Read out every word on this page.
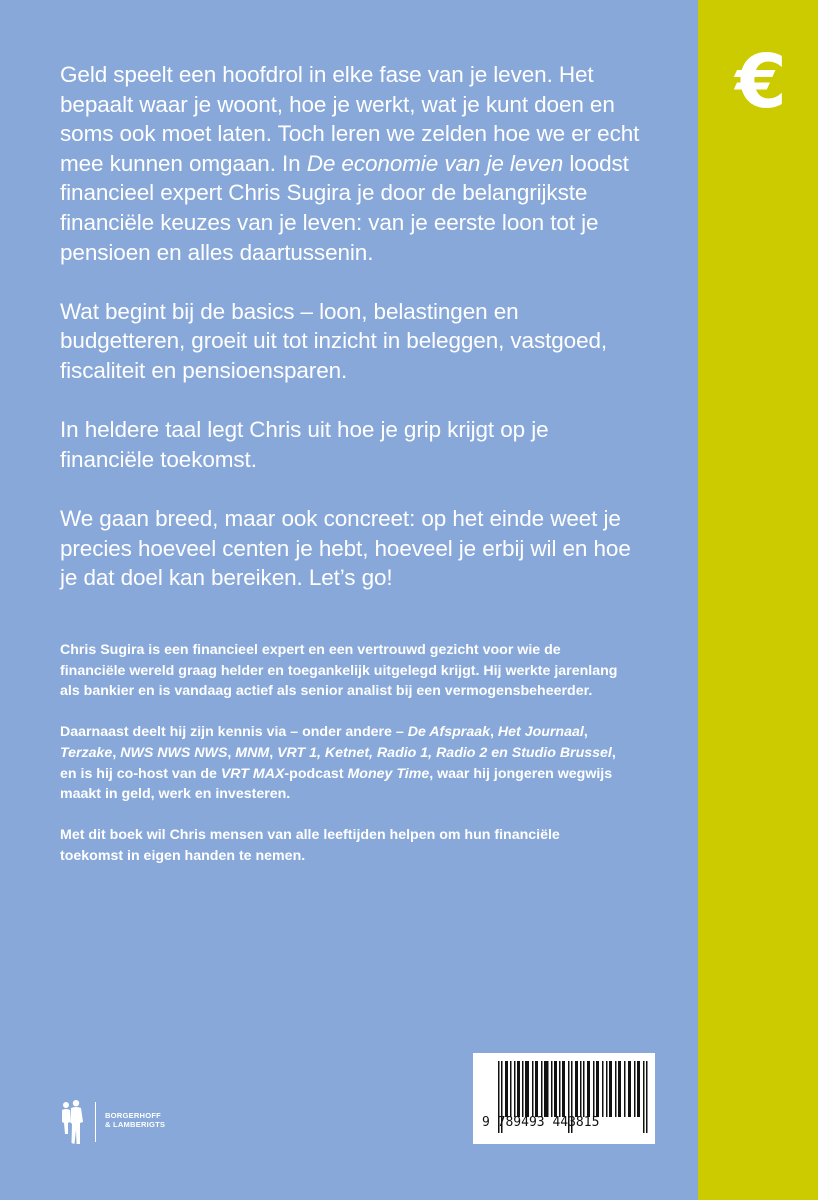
€

Geld speelt een hoofdrol in elke fase van je leven. Het
bepaalt waar je woont, hoe je werkt, wat je kunt doen en
soms ook moet laten. Toch leren we zelden hoe we er echt
mee kunnen omgaan. In De economie van je leven loodst
financieel expert Chris Sugira je door de belangrijkste
financiële keuzes van je leven: van je eerste loon tot je
pensioen en alles daartussenin.

Wat begint bij de basics – loon, belastingen en
budgetteren, groeit uit tot inzicht in beleggen, vastgoed,
fiscaliteit en pensioensparen.

In heldere taal legt Chris uit hoe je grip krijgt op je
financiële toekomst.

We gaan breed, maar ook concreet: op het einde weet je
precies hoeveel centen je hebt, hoeveel je erbij wil en hoe
je dat doel kan bereiken. Let’s go!

Chris Sugira is een financieel expert en een vertrouwd gezicht voor wie de
financiële wereld graag helder en toegankelijk uitgelegd krijgt. Hij werkte jarenlang
als bankier en is vandaag actief als senior analist bij een vermogensbeheerder.

Daarnaast deelt hij zijn kennis via – onder andere – De Afspraak, Het Journaal,
Terzake, NWS NWS NWS, MNM, VRT 1, Ketnet, Radio 1, Radio 2 en Studio Brussel,
en is hij co-host van de VRT MAX-podcast Money Time, waar hij jongeren wegwijs
maakt in geld, werk en investeren.

Met dit boek wil Chris mensen van alle leeftijden helpen om hun financiële
toekomst in eigen handen te nemen.

BORGERHOFF
& LAMBERIGTS	9 789493 443815
